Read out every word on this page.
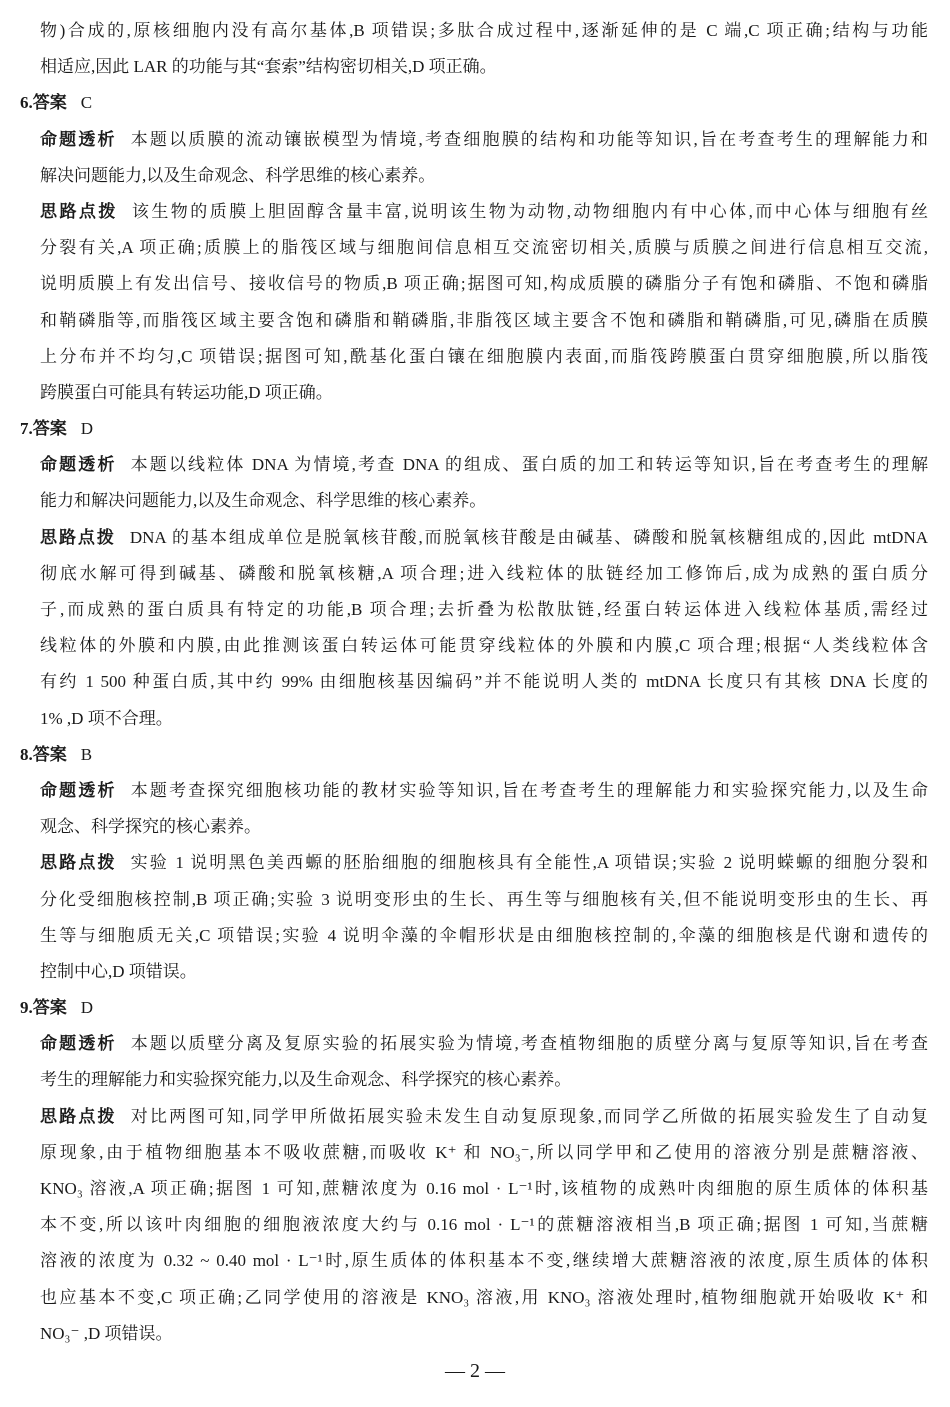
物)合成的,原核细胞内没有高尔基体,B 项错误;多肽合成过程中,逐渐延伸的是 C 端,C 项正确;结构与功能
相适应,因此 LAR 的功能与其“套索”结构密切相关,D 项正确。
6.答案 C
命题透析 本题以质膜的流动镶嵌模型为情境,考查细胞膜的结构和功能等知识,旨在考查考生的理解能力和
解决问题能力,以及生命观念、科学思维的核心素养。
思路点拨 该生物的质膜上胆固醇含量丰富,说明该生物为动物,动物细胞内有中心体,而中心体与细胞有丝
分裂有关,A 项正确;质膜上的脂筏区域与细胞间信息相互交流密切相关,质膜与质膜之间进行信息相互交流,
说明质膜上有发出信号、接收信号的物质,B 项正确;据图可知,构成质膜的磷脂分子有饱和磷脂、不饱和磷脂
和鞘磷脂等,而脂筏区域主要含饱和磷脂和鞘磷脂,非脂筏区域主要含不饱和磷脂和鞘磷脂,可见,磷脂在质膜
上分布并不均匀,C 项错误;据图可知,酰基化蛋白镶在细胞膜内表面,而脂筏跨膜蛋白贯穿细胞膜,所以脂筏
跨膜蛋白可能具有转运功能,D 项正确。
7.答案 D
命题透析 本题以线粒体 DNA 为情境,考查 DNA 的组成、蛋白质的加工和转运等知识,旨在考查考生的理解
能力和解决问题能力,以及生命观念、科学思维的核心素养。
思路点拨 DNA 的基本组成单位是脱氧核苷酸,而脱氧核苷酸是由碱基、磷酸和脱氧核糖组成的,因此 mtDNA
彻底水解可得到碱基、磷酸和脱氧核糖,A 项合理;进入线粒体的肽链经加工修饰后,成为成熟的蛋白质分
子,而成熟的蛋白质具有特定的功能,B 项合理;去折叠为松散肽链,经蛋白转运体进入线粒体基质,需经过
线粒体的外膜和内膜,由此推测该蛋白转运体可能贯穿线粒体的外膜和内膜,C 项合理;根据“人类线粒体含
有约 1 500 种蛋白质,其中约 99% 由细胞核基因编码”并不能说明人类的 mtDNA 长度只有其核 DNA 长度的
1% ,D 项不合理。
8.答案 B
命题透析 本题考查探究细胞核功能的教材实验等知识,旨在考查考生的理解能力和实验探究能力,以及生命
观念、科学探究的核心素养。
思路点拨 实验 1 说明黑色美西螈的胚胎细胞的细胞核具有全能性,A 项错误;实验 2 说明蝾螈的细胞分裂和
分化受细胞核控制,B 项正确;实验 3 说明变形虫的生长、再生等与细胞核有关,但不能说明变形虫的生长、再
生等与细胞质无关,C 项错误;实验 4 说明伞藻的伞帽形状是由细胞核控制的,伞藻的细胞核是代谢和遗传的
控制中心,D 项错误。
9.答案 D
命题透析 本题以质壁分离及复原实验的拓展实验为情境,考查植物细胞的质壁分离与复原等知识,旨在考查
考生的理解能力和实验探究能力,以及生命观念、科学探究的核心素养。
思路点拨 对比两图可知,同学甲所做拓展实验未发生自动复原现象,而同学乙所做的拓展实验发生了自动复
原现象,由于植物细胞基本不吸收蔗糖,而吸收 K⁺ 和 NO₃⁻,所以同学甲和乙使用的溶液分别是蔗糖溶液、
KNO₃ 溶液,A 项正确;据图 1 可知,蔗糖浓度为 0.16 mol · L⁻¹时,该植物的成熟叶肉细胞的原生质体的体积基
本不变,所以该叶肉细胞的细胞液浓度大约与 0.16 mol · L⁻¹的蔗糖溶液相当,B 项正确;据图 1 可知,当蔗糖
溶液的浓度为 0.32 ~ 0.40 mol · L⁻¹时,原生质体的体积基本不变,继续增大蔗糖溶液的浓度,原生质体的体积
也应基本不变,C 项正确;乙同学使用的溶液是 KNO₃ 溶液,用 KNO₃ 溶液处理时,植物细胞就开始吸收 K⁺ 和
NO₃⁻ ,D 项错误。
— 2 —
